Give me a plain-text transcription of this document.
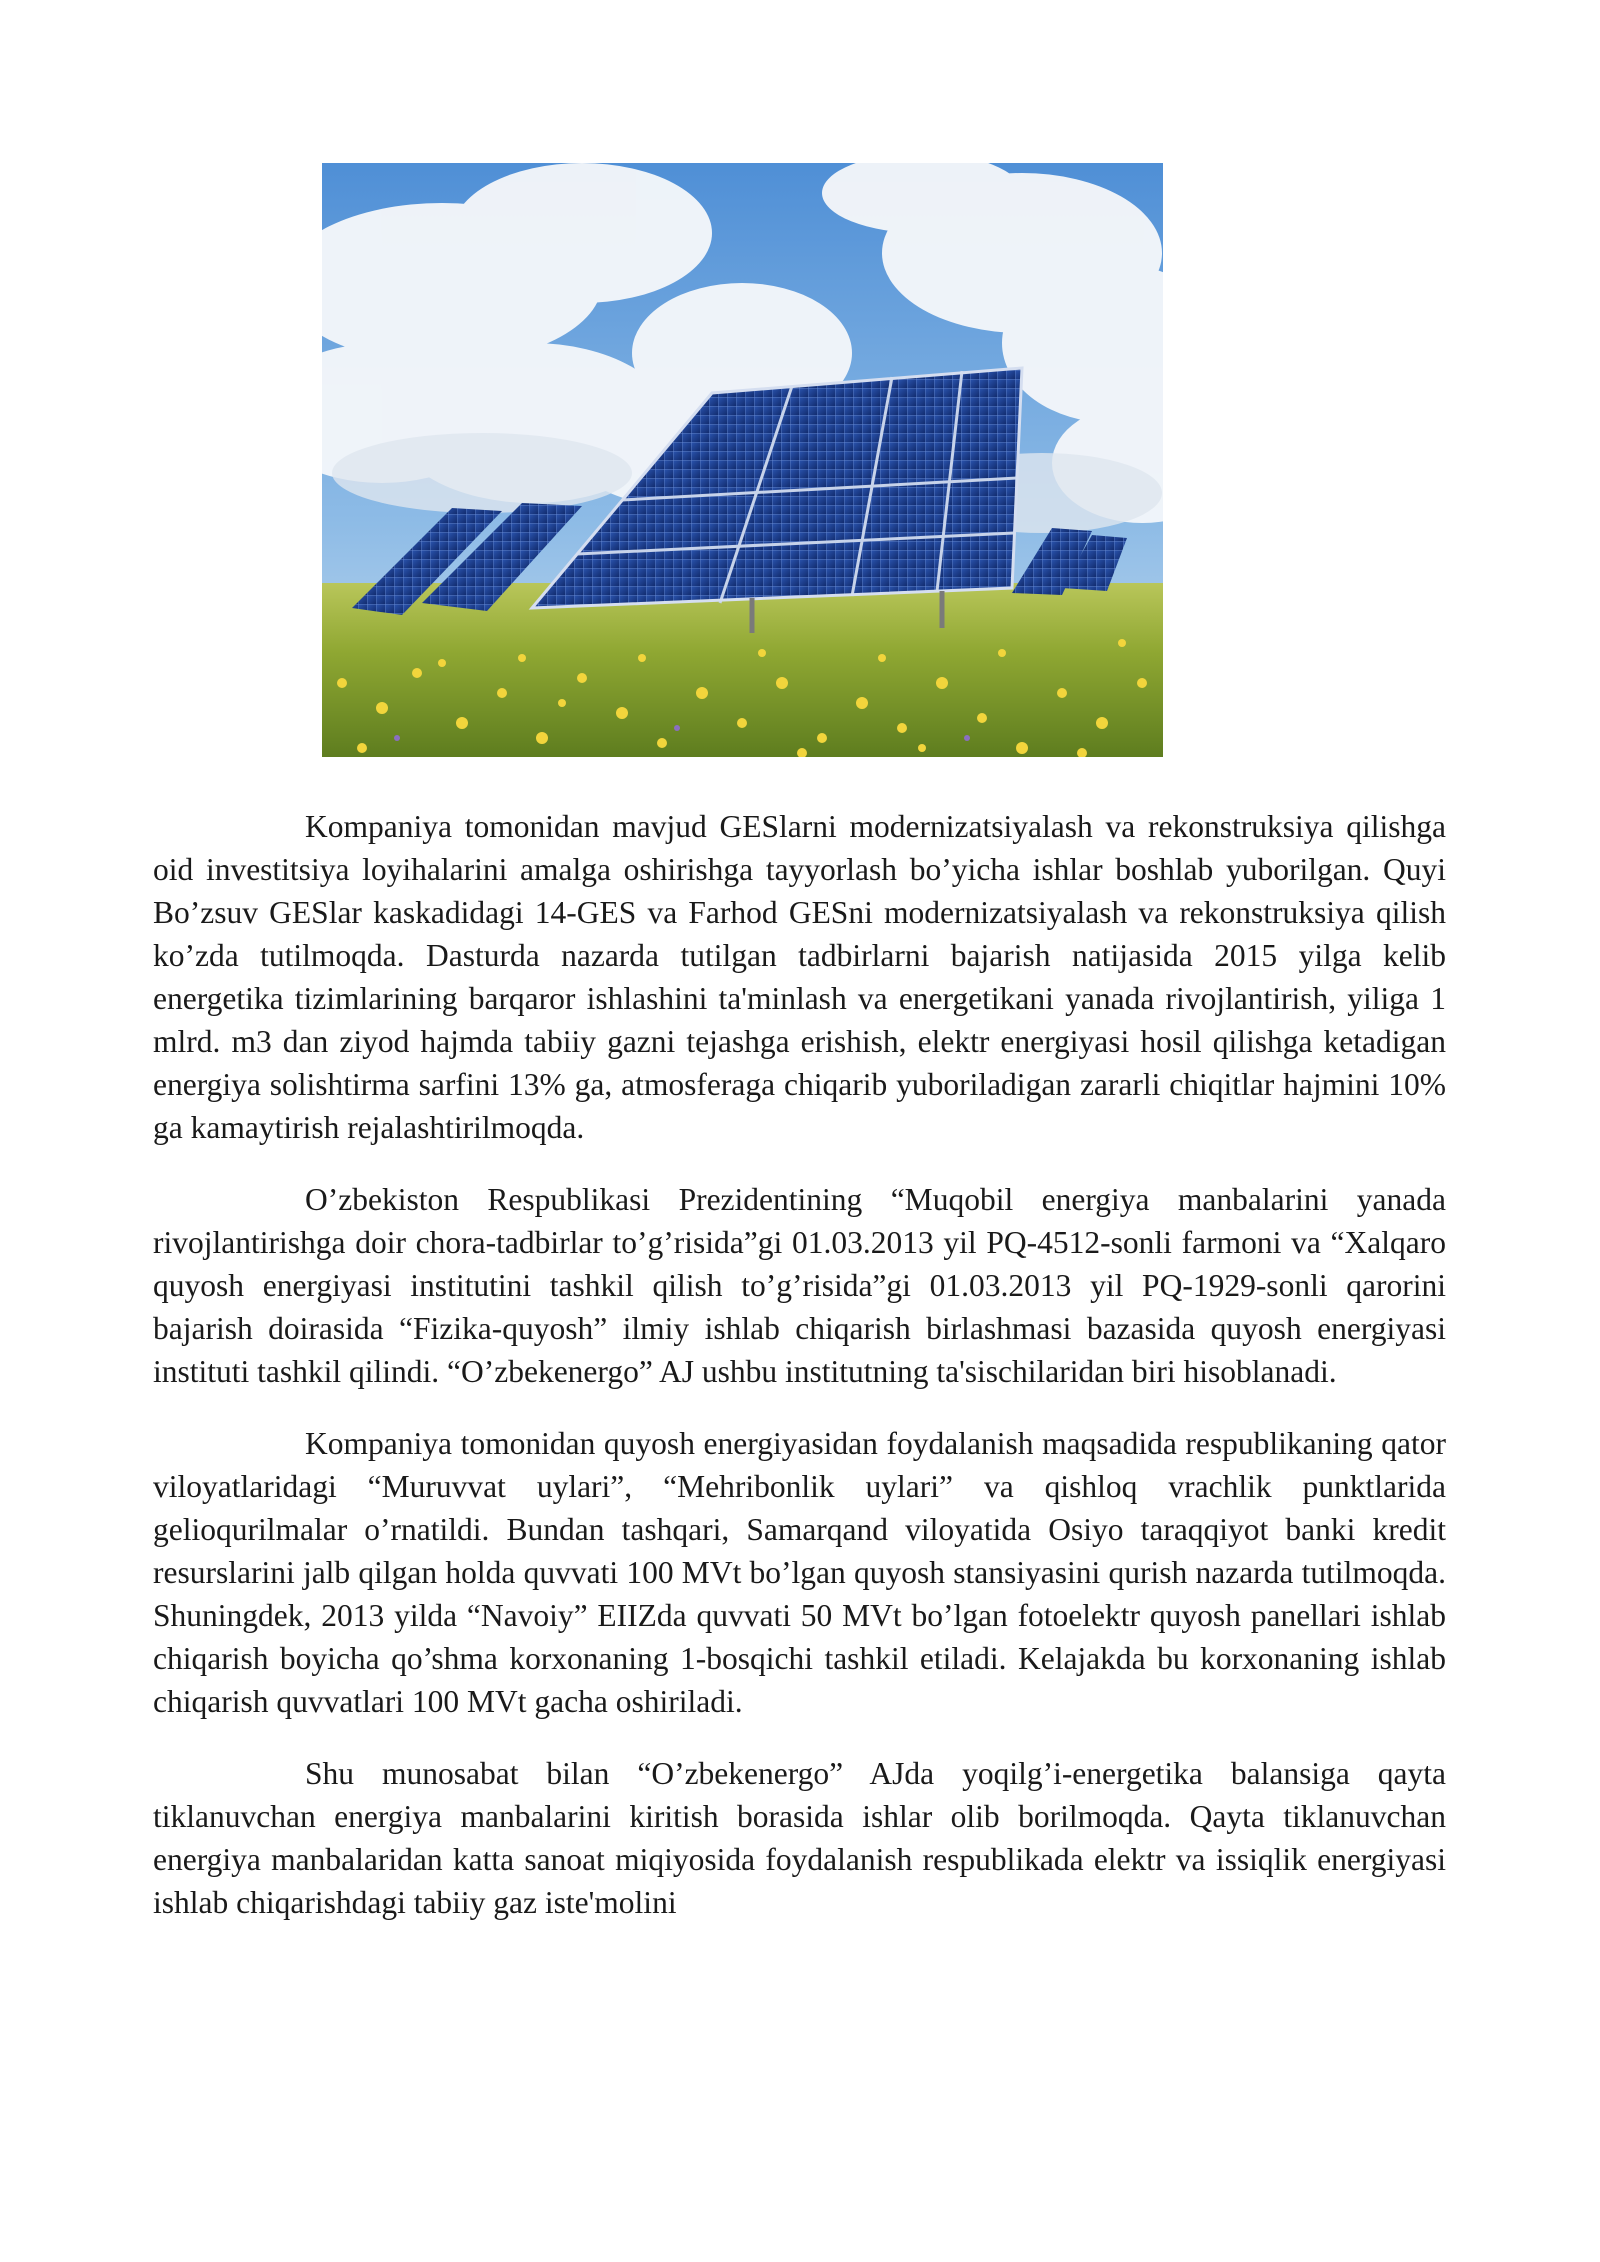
Kompaniya tomonidan mavjud GESlarni modernizatsiyalash va rekonstruksiya qilishga oid investitsiya loyihalarini amalga oshirishga tayyorlash bo’yicha ishlar boshlab yuborilgan. Quyi Bo’zsuv GESlar kaskadidagi 14-GES va Farhod GESni modernizatsiyalash va rekonstruksiya qilish ko’zda tutilmoqda. Dasturda nazarda tutilgan tadbirlarni bajarish natijasida 2015 yilga kelib energetika tizimlarining barqaror ishlashini ta'minlash va energetikani yanada rivojlantirish, yiliga 1 mlrd. m3 dan ziyod hajmda tabiiy gazni tejashga erishish, elektr energiyasi hosil qilishga ketadigan energiya solishtirma sarfini 13% ga, atmosferaga chiqarib yuboriladigan zararli chiqitlar hajmini 10% ga kamaytirish rejalashtirilmoqda.

O’zbekiston Respublikasi Prezidentining “Muqobil energiya manbalarini yanada rivojlantirishga doir chora-tadbirlar to’g’risida”gi 01.03.2013 yil PQ-4512-sonli farmoni va “Xalqaro quyosh energiyasi institutini tashkil qilish to’g’risida”gi 01.03.2013 yil PQ-1929-sonli qarorini bajarish doirasida “Fizika-quyosh” ilmiy ishlab chiqarish birlashmasi bazasida quyosh energiyasi instituti tashkil qilindi. “O’zbekenergo” AJ ushbu institutning ta'sischilaridan biri hisoblanadi.

Kompaniya tomonidan quyosh energiyasidan foydalanish maqsadida respublikaning qator viloyatlaridagi “Muruvvat uylari”, “Mehribonlik uylari” va qishloq vrachlik punktlarida gelioqurilmalar o’rnatildi. Bundan tashqari, Samarqand viloyatida Osiyo taraqqiyot banki kredit resurslarini jalb qilgan holda quvvati 100 MVt bo’lgan quyosh stansiyasini qurish nazarda tutilmoqda. Shuningdek, 2013 yilda “Navoiy” EIIZda quvvati 50 MVt bo’lgan fotoelektr quyosh panellari ishlab chiqarish boyicha qo’shma korxonaning 1-bosqichi tashkil etiladi. Kelajakda bu korxonaning ishlab chiqarish quvvatlari 100 MVt gacha oshiriladi.

Shu munosabat bilan “O’zbekenergo” AJda yoqilg’i-energetika balansiga qayta tiklanuvchan energiya manbalarini kiritish borasida ishlar olib borilmoqda. Qayta tiklanuvchan energiya manbalaridan katta sanoat miqiyosida foydalanish respublikada elektr va issiqlik energiyasi ishlab chiqarishdagi tabiiy gaz iste'molini
